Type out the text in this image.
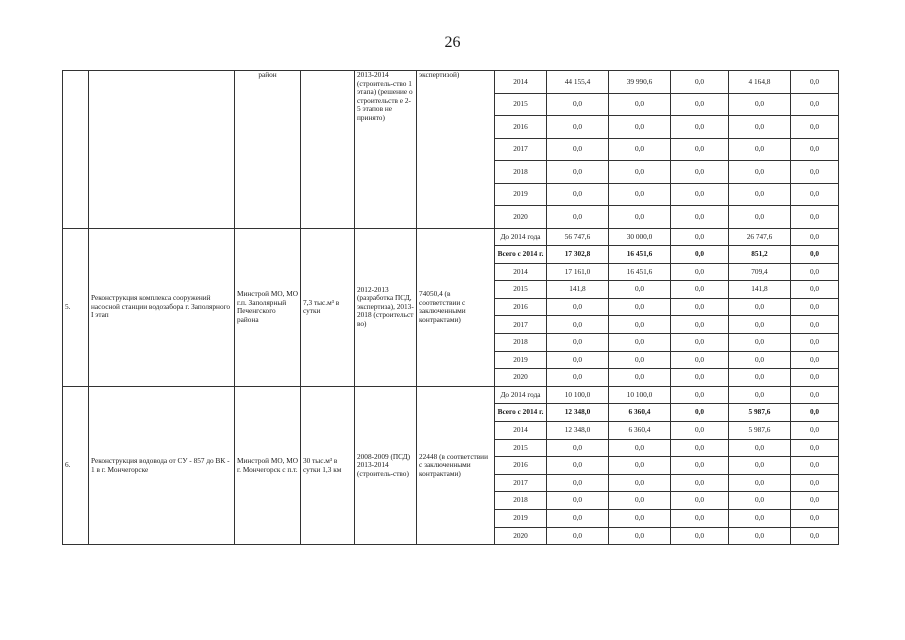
26
		район		2013-2014 (строитель-ство 1 этапа) (решение о строительств е 2-5 этапов не принято)	экспертизой)	2014	44 155,4	39 990,6	0,0	4 164,8	0,0
						2015	0,0	0,0	0,0	0,0	0,0
						2016	0,0	0,0	0,0	0,0	0,0
						2017	0,0	0,0	0,0	0,0	0,0
						2018	0,0	0,0	0,0	0,0	0,0
						2019	0,0	0,0	0,0	0,0	0,0
						2020	0,0	0,0	0,0	0,0	0,0
5.	Реконструкция комплекса сооружений насосной станции водозабора г. Заполярного I этап	Минстрой МО, МО г.п. Заполярный Печенгского района	7,3 тыс.м³ в сутки	2012-2013 (разработка ПСД, экспертиза), 2013-2018 (строительст во)	74050,4 (в соответствии с заключенными контрактами)	До 2014 года	56 747,6	30 000,0	0,0	26 747,6	0,0
						Всего с 2014 г.	17 302,8	16 451,6	0,0	851,2	0,0
						2014	17 161,0	16 451,6	0,0	709,4	0,0
						2015	141,8	0,0	0,0	141,8	0,0
						2016	0,0	0,0	0,0	0,0	0,0
						2017	0,0	0,0	0,0	0,0	0,0
						2018	0,0	0,0	0,0	0,0	0,0
						2019	0,0	0,0	0,0	0,0	0,0
						2020	0,0	0,0	0,0	0,0	0,0
6.	Реконструкция водовода от СУ - 857 до ВК - 1 в г. Мончегорске	Минстрой МО, МО г. Мончегорск с п.т.	30 тыс.м³ в сутки 1,3 км	2008-2009 (ПСД) 2013-2014 (строитель-ство)	22448 (в соответствии с заключенными контрактами)	До 2014 года	10 100,0	10 100,0	0,0	0,0	0,0
						Всего с 2014 г.	12 348,0	6 360,4	0,0	5 987,6	0,0
						2014	12 348,0	6 360,4	0,0	5 987,6	0,0
						2015	0,0	0,0	0,0	0,0	0,0
						2016	0,0	0,0	0,0	0,0	0,0
						2017	0,0	0,0	0,0	0,0	0,0
						2018	0,0	0,0	0,0	0,0	0,0
						2019	0,0	0,0	0,0	0,0	0,0
						2020	0,0	0,0	0,0	0,0	0,0
